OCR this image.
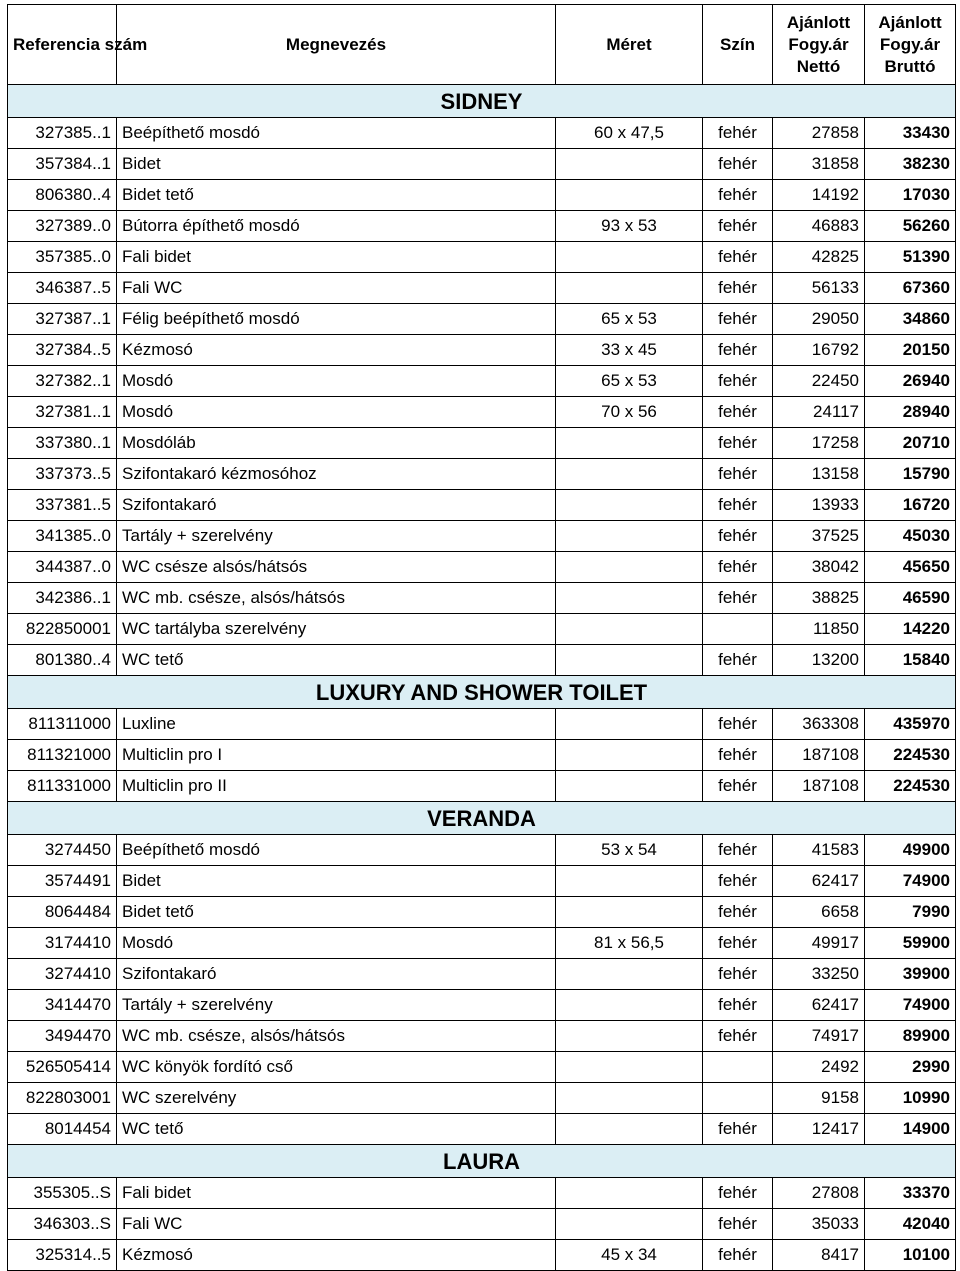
Referencia szám	Megnevezés	Méret	Szín	Ajánlott Fogy.ár Nettó	Ajánlott Fogy.ár Bruttó
SIDNEY					
327385..1	Beépíthető mosdó	60 x 47,5	fehér	27858	33430
357384..1	Bidet		fehér	31858	38230
806380..4	Bidet tető		fehér	14192	17030
327389..0	Bútorra építhető mosdó	93 x 53	fehér	46883	56260
357385..0	Fali bidet		fehér	42825	51390
346387..5	Fali WC		fehér	56133	67360
327387..1	Félig beépíthető mosdó	65 x 53	fehér	29050	34860
327384..5	Kézmosó	33 x 45	fehér	16792	20150
327382..1	Mosdó	65 x 53	fehér	22450	26940
327381..1	Mosdó	70 x 56	fehér	24117	28940
337380..1	Mosdóláb		fehér	17258	20710
337373..5	Szifontakaró kézmosóhoz		fehér	13158	15790
337381..5	Szifontakaró		fehér	13933	16720
341385..0	Tartály + szerelvény		fehér	37525	45030
344387..0	WC csésze alsós/hátsós		fehér	38042	45650
342386..1	WC mb. csésze, alsós/hátsós		fehér	38825	46590
822850001	WC tartályba szerelvény			11850	14220
801380..4	WC tető		fehér	13200	15840
LUXURY AND SHOWER TOILET					
811311000	Luxline		fehér	363308	435970
811321000	Multiclin pro I		fehér	187108	224530
811331000	Multiclin pro II		fehér	187108	224530
VERANDA					
3274450	Beépíthető mosdó	53 x 54	fehér	41583	49900
3574491	Bidet		fehér	62417	74900
8064484	Bidet tető		fehér	6658	7990
3174410	Mosdó	81 x 56,5	fehér	49917	59900
3274410	Szifontakaró		fehér	33250	39900
3414470	Tartály + szerelvény		fehér	62417	74900
3494470	WC mb. csésze, alsós/hátsós		fehér	74917	89900
526505414	WC könyök fordító cső			2492	2990
822803001	WC szerelvény			9158	10990
8014454	WC tető		fehér	12417	14900
LAURA					
355305..S	Fali bidet		fehér	27808	33370
346303..S	Fali WC		fehér	35033	42040
325314..5	Kézmosó	45 x 34	fehér	8417	10100
